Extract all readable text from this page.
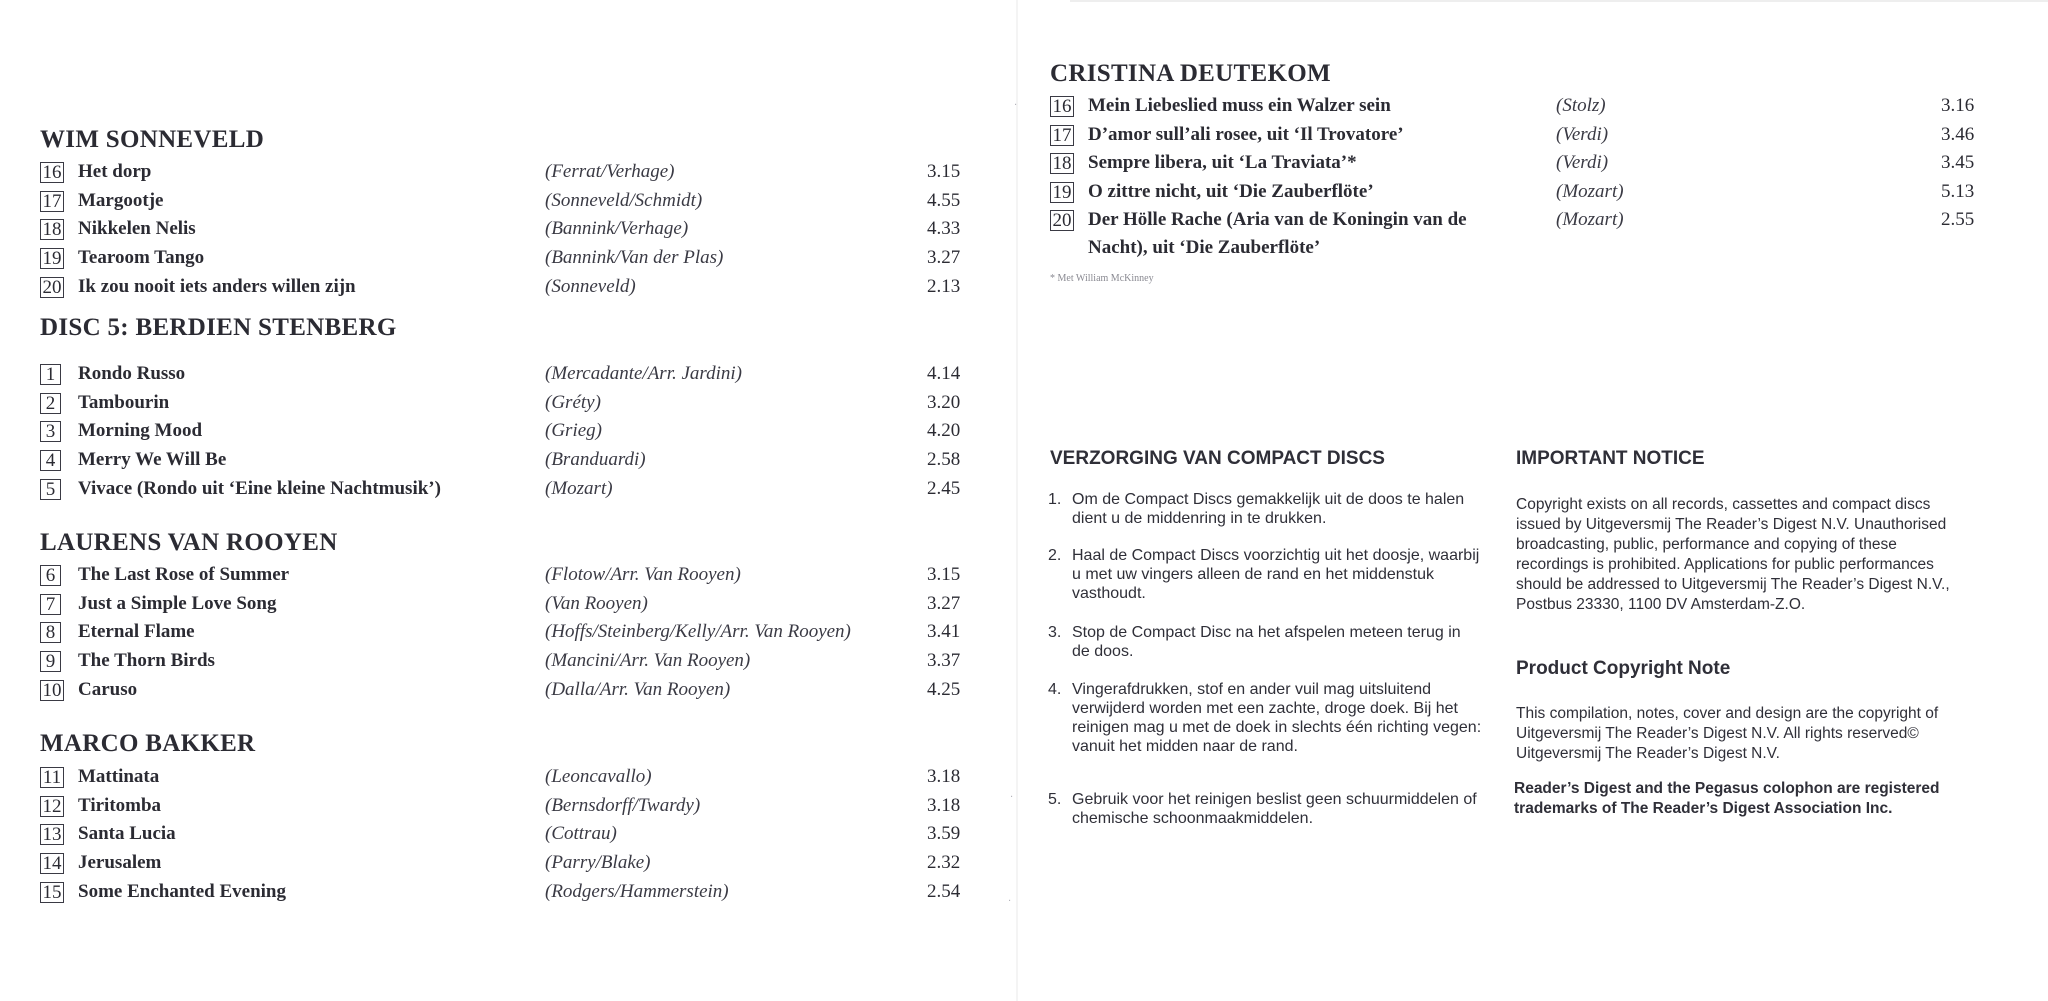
WIM SONNEVELD
16 Het dorp	(Ferrat/Verhage)	3.15
17 Margootje	(Sonneveld/Schmidt)	4.55
18 Nikkelen Nelis	(Bannink/Verhage)	4.33
19 Tearoom Tango	(Bannink/Van der Plas)	3.27
20 Ik zou nooit iets anders willen zijn	(Sonneveld)	2.13
DISC 5: BERDIEN STENBERG
1	Rondo Russo	(Mercadante/Arr. Jardini)	4.14
2	Tambourin	(Gréty)	3.20
3	Morning Mood	(Grieg)	4.20
4	Merry We Will Be	(Branduardi)	2.58
5	Vivace (Rondo uit ‘Eine kleine Nachtmusik’)	(Mozart)	2.45
LAURENS VAN ROOYEN
6	The Last Rose of Summer	(Flotow/Arr. Van Rooyen)	3.15
7	Just a Simple Love Song	(Van Rooyen)	3.27
8	Eternal Flame	(Hoffs/Steinberg/Kelly/Arr. Van Rooyen)	3.41
9	The Thorn Birds	(Mancini/Arr. Van Rooyen)	3.37
10 Caruso	(Dalla/Arr. Van Rooyen)	4.25
MARCO BAKKER
11 Mattinata	(Leoncavallo)	3.18
12 Tiritomba	(Bernsdorff/Twardy)	3.18
13 Santa Lucia	(Cottrau)	3.59
14 Jerusalem	(Parry/Blake)	2.32
15 Some Enchanted Evening	(Rodgers/Hammerstein)	2.54
CRISTINA DEUTEKOM
16 Mein Liebeslied muss ein Walzer sein	(Stolz)	3.16
17 D’amor sull’ali rosee, uit ‘Il Trovatore’	(Verdi)	3.46
18 Sempre libera, uit ‘La Traviata’*	(Verdi)	3.45
19 O zittre nicht, uit ‘Die Zauberflöte’	(Mozart)	5.13
20 Der Hölle Rache (Aria van de Koningin van de	(Mozart)	2.55
Nacht), uit ‘Die Zauberflöte’
* Met William McKinney
VERZORGING VAN COMPACT DISCS
1. Om de Compact Discs gemakkelijk uit de doos te halen dient u de middenring in te drukken.
2. Haal de Compact Discs voorzichtig uit het doosje, waarbij u met uw vingers alleen de rand en het middenstuk vasthoudt.
3. Stop de Compact Disc na het afspelen meteen terug in de doos.
4. Vingerafdrukken, stof en ander vuil mag uitsluitend verwijderd worden met een zachte, droge doek. Bij het reinigen mag u met de doek in slechts één richting vegen: vanuit het midden naar de rand.
5. Gebruik voor het reinigen beslist geen schuurmiddelen of chemische schoonmaakmiddelen.
IMPORTANT NOTICE
Copyright exists on all records, cassettes and compact discs issued by Uitgeversmij The Reader’s Digest N.V. Unauthorised broadcasting, public, performance and copying of these recordings is prohibited. Applications for public performances should be addressed to Uitgeversmij The Reader’s Digest N.V., Postbus 23330, 1100 DV Amsterdam-Z.O.
Product Copyright Note
This compilation, notes, cover and design are the copyright of Uitgeversmij The Reader’s Digest N.V. All rights reserved© Uitgeversmij The Reader’s Digest N.V.
Reader’s Digest and the Pegasus colophon are registered trademarks of The Reader’s Digest Association Inc.
·
·
·
